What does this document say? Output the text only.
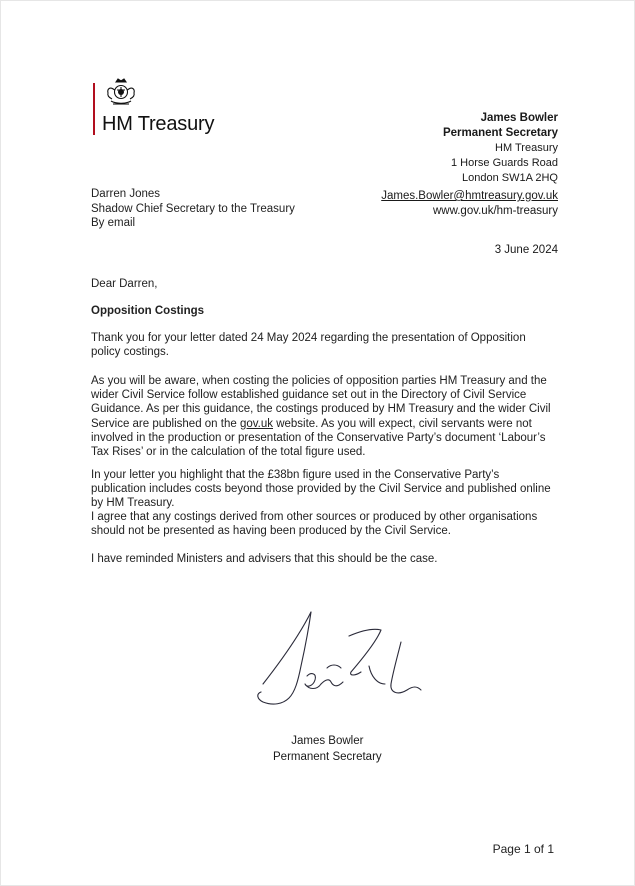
HM Treasury	James Bowler
Permanent Secretary
HM Treasury
1 Horse Guards Road
London SW1A 2HQ
James.Bowler@hmtreasury.gov.uk
www.gov.uk/hm-treasury
Darren Jones
Shadow Chief Secretary to the Treasury
By email
3 June 2024
Dear Darren,
Opposition Costings
Thank you for your letter dated 24 May 2024 regarding the presentation of Opposition policy costings.
As you will be aware, when costing the policies of opposition parties HM Treasury and the wider Civil Service follow established guidance set out in the Directory of Civil Service Guidance. As per this guidance, the costings produced by HM Treasury and the wider Civil Service are published on the gov.uk website. As you will expect, civil servants were not involved in the production or presentation of the Conservative Party’s document ‘Labour’s Tax Rises’ or in the calculation of the total figure used.
In your letter you highlight that the £38bn figure used in the Conservative Party’s publication includes costs beyond those provided by the Civil Service and published online by HM Treasury.
I agree that any costings derived from other sources or produced by other organisations should not be presented as having been produced by the Civil Service.
I have reminded Ministers and advisers that this should be the case.
James Bowler
Permanent Secretary
Page 1 of 1
